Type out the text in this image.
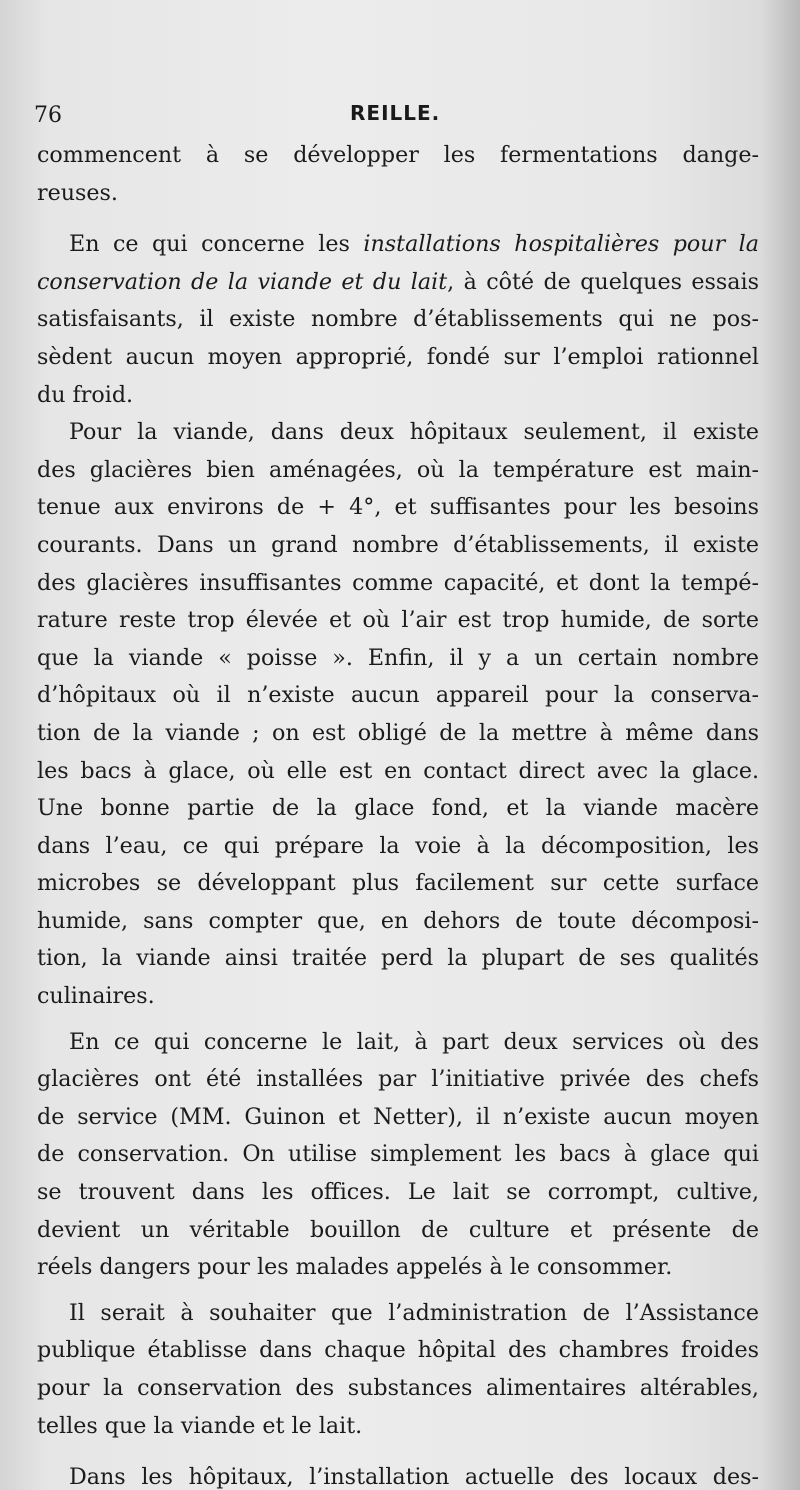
76	REILLE.

commencent à se développer les fermentations dange-

reuses.

En ce qui concerne les installations hospitalières pour la

conservation de la viande et du lait, à côté de quelques essais

satisfaisants, il existe nombre d’établissements qui ne pos-

sèdent aucun moyen approprié, fondé sur l’emploi rationnel

du froid.

Pour la viande, dans deux hôpitaux seulement, il existe

des glacières bien aménagées, où la température est main-

tenue aux environs de + 4°, et suffisantes pour les besoins

courants. Dans un grand nombre d’établissements, il existe

des glacières insuffisantes comme capacité, et dont la tempé-

rature reste trop élevée et où l’air est trop humide, de sorte

que la viande « poisse ». Enfin, il y a un certain nombre

d’hôpitaux où il n’existe aucun appareil pour la conserva-

tion de la viande ; on est obligé de la mettre à même dans

les bacs à glace, où elle est en contact direct avec la glace.

Une bonne partie de la glace fond, et la viande macère

dans l’eau, ce qui prépare la voie à la décomposition, les

microbes se développant plus facilement sur cette surface

humide, sans compter que, en dehors de toute décomposi-

tion, la viande ainsi traitée perd la plupart de ses qualités

culinaires.

En ce qui concerne le lait, à part deux services où des

glacières ont été installées par l’initiative privée des chefs

de service (MM. Guinon et Netter), il n’existe aucun moyen

de conservation. On utilise simplement les bacs à glace qui

se trouvent dans les offices. Le lait se corrompt, cultive,

devient un véritable bouillon de culture et présente de

réels dangers pour les malades appelés à le consommer.

Il serait à souhaiter que l’administration de l’Assistance

publique établisse dans chaque hôpital des chambres froides

pour la conservation des substances alimentaires altérables,

telles que la viande et le lait.

Dans les hôpitaux, l’installation actuelle des locaux des-
